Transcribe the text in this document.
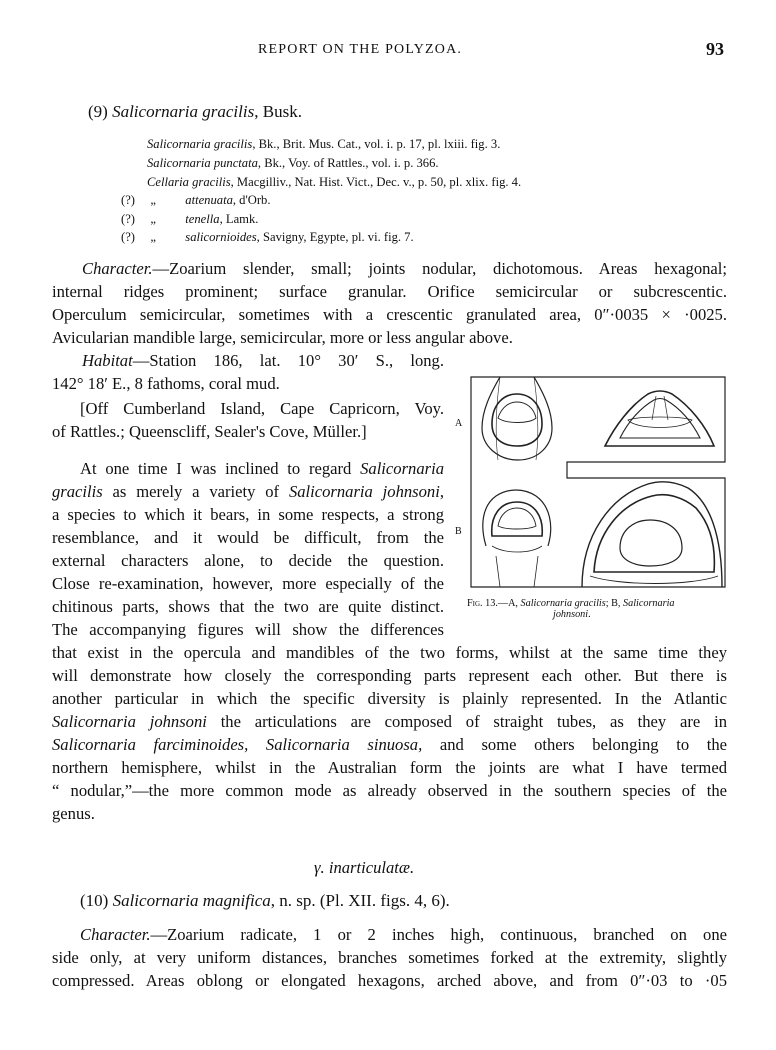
REPORT ON THE POLYZOA.	93
(9) Salicornaria gracilis, Busk.
Salicornaria gracilis, Bk., Brit. Mus. Cat., vol. i. p. 17, pl. lxiii. fig. 3.
Salicornaria punctata, Bk., Voy. of Rattles., vol. i. p. 366.
Cellaria gracilis, Macgilliv., Nat. Hist. Vict., Dec. v., p. 50, pl. xlix. fig. 4.
(?) „ attenuata, d'Orb.
(?) „ tenella, Lamk.
(?) „ salicornioides, Savigny, Egypte, pl. vi. fig. 7.
Character.—Zoarium slender, small; joints nodular, dichotomous. Areas hexagonal;
internal ridges prominent; surface granular. Orifice semicircular or subcrescentic.
Operculum semicircular, sometimes with a crescentic granulated area, 0″·0035 × ·0025.
Avicularian mandible large, semicircular, more or less angular above.
Habitat—Station 186, lat. 10° 30′ S., long.
142° 18′ E., 8 fathoms, coral mud.
[Off Cumberland Island, Cape Capricorn, Voy.
of Rattles.; Queenscliff, Sealer's Cove, Müller.]
At one time I was inclined to regard Salicornaria
gracilis as merely a variety of Salicornaria johnsoni,
a species to which it bears, in some respects, a strong
resemblance, and it would be difficult, from the
external characters alone, to decide the question.
Close re-examination, however, more especially of the
chitinous parts, shows that the two are quite distinct.
The accompanying figures will show the differences
that exist in the opercula and mandibles of the two forms, whilst at the same time they
will demonstrate how closely the corresponding parts represent each other. But there is
another particular in which the specific diversity is plainly represented. In the Atlantic
Salicornaria johnsoni the articulations are composed of straight tubes, as they are in
Salicornaria farciminoides, Salicornaria sinuosa, and some others belonging to the
northern hemisphere, whilst in the Australian form the joints are what I have termed
“ nodular,”—the more common mode as already observed in the southern species of the
genus.
A
B
Fig. 13.—A, Salicornaria gracilis; B, Salicornaria
johnsoni.
γ. inarticulatæ.
(10) Salicornaria magnifica, n. sp. (Pl. XII. figs. 4, 6).
Character.—Zoarium radicate, 1 or 2 inches high, continuous, branched on one
side only, at very uniform distances, branches sometimes forked at the extremity, slightly
compressed. Areas oblong or elongated hexagons, arched above, and from 0″·03 to ·05
